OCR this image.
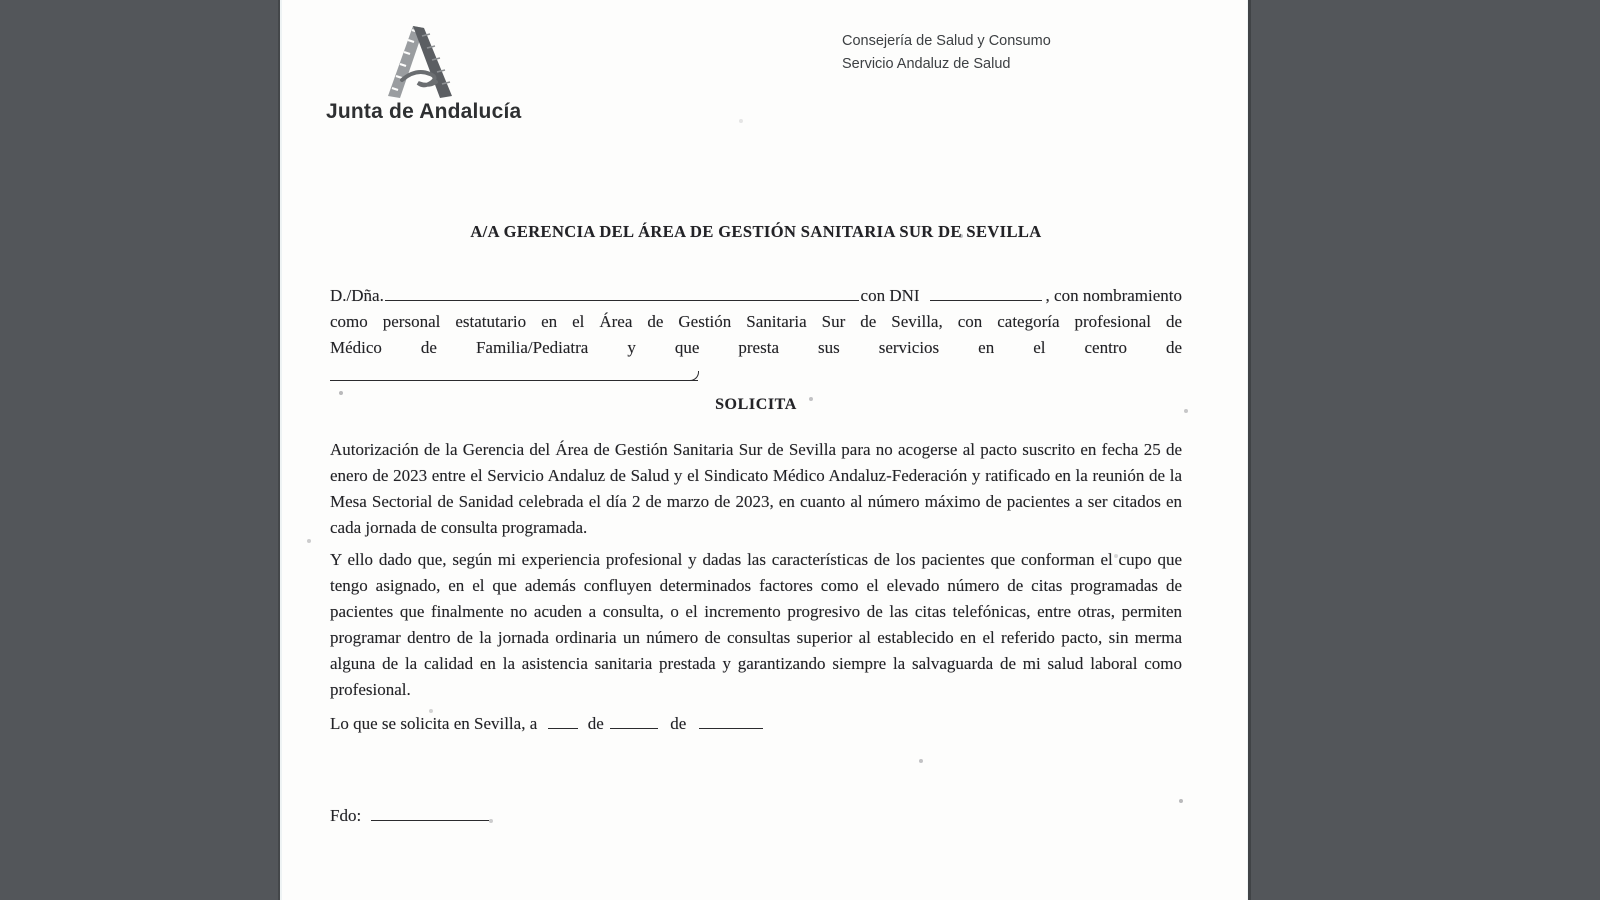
Junta de Andalucía
Consejería de Salud y Consumo
Servicio Andaluz de Salud
A/A GERENCIA DEL ÁREA DE GESTIÓN SANITARIA SUR DE SEVILLA
D./Dña.	con DNI	, con nombramiento
como personal estatutario en el Área de Gestión Sanitaria Sur de Sevilla, con categoría profesional de
Médico de Familia/Pediatra y que presta sus servicios en el centro de
SOLICITA
Autorización de la Gerencia del Área de Gestión Sanitaria Sur de Sevilla para no acogerse al pacto suscrito en fecha 25 de enero de 2023 entre el Servicio Andaluz de Salud y el Sindicato Médico Andaluz-Federación y ratificado en la reunión de la Mesa Sectorial de Sanidad celebrada el día 2 de marzo de 2023, en cuanto al número máximo de pacientes a ser citados en cada jornada de consulta programada.
Y ello dado que, según mi experiencia profesional y dadas las características de los pacientes que conforman el cupo que tengo asignado, en el que además confluyen determinados factores como el elevado número de citas programadas de pacientes que finalmente no acuden a consulta, o el incremento progresivo de las citas telefónicas, entre otras, permiten programar dentro de la jornada ordinaria un número de consultas superior al establecido en el referido pacto, sin merma alguna de la calidad en la asistencia sanitaria prestada y garantizando siempre la salvaguarda de mi salud laboral como profesional.
Lo que se solicita en Sevilla, a	de	de
Fdo:
